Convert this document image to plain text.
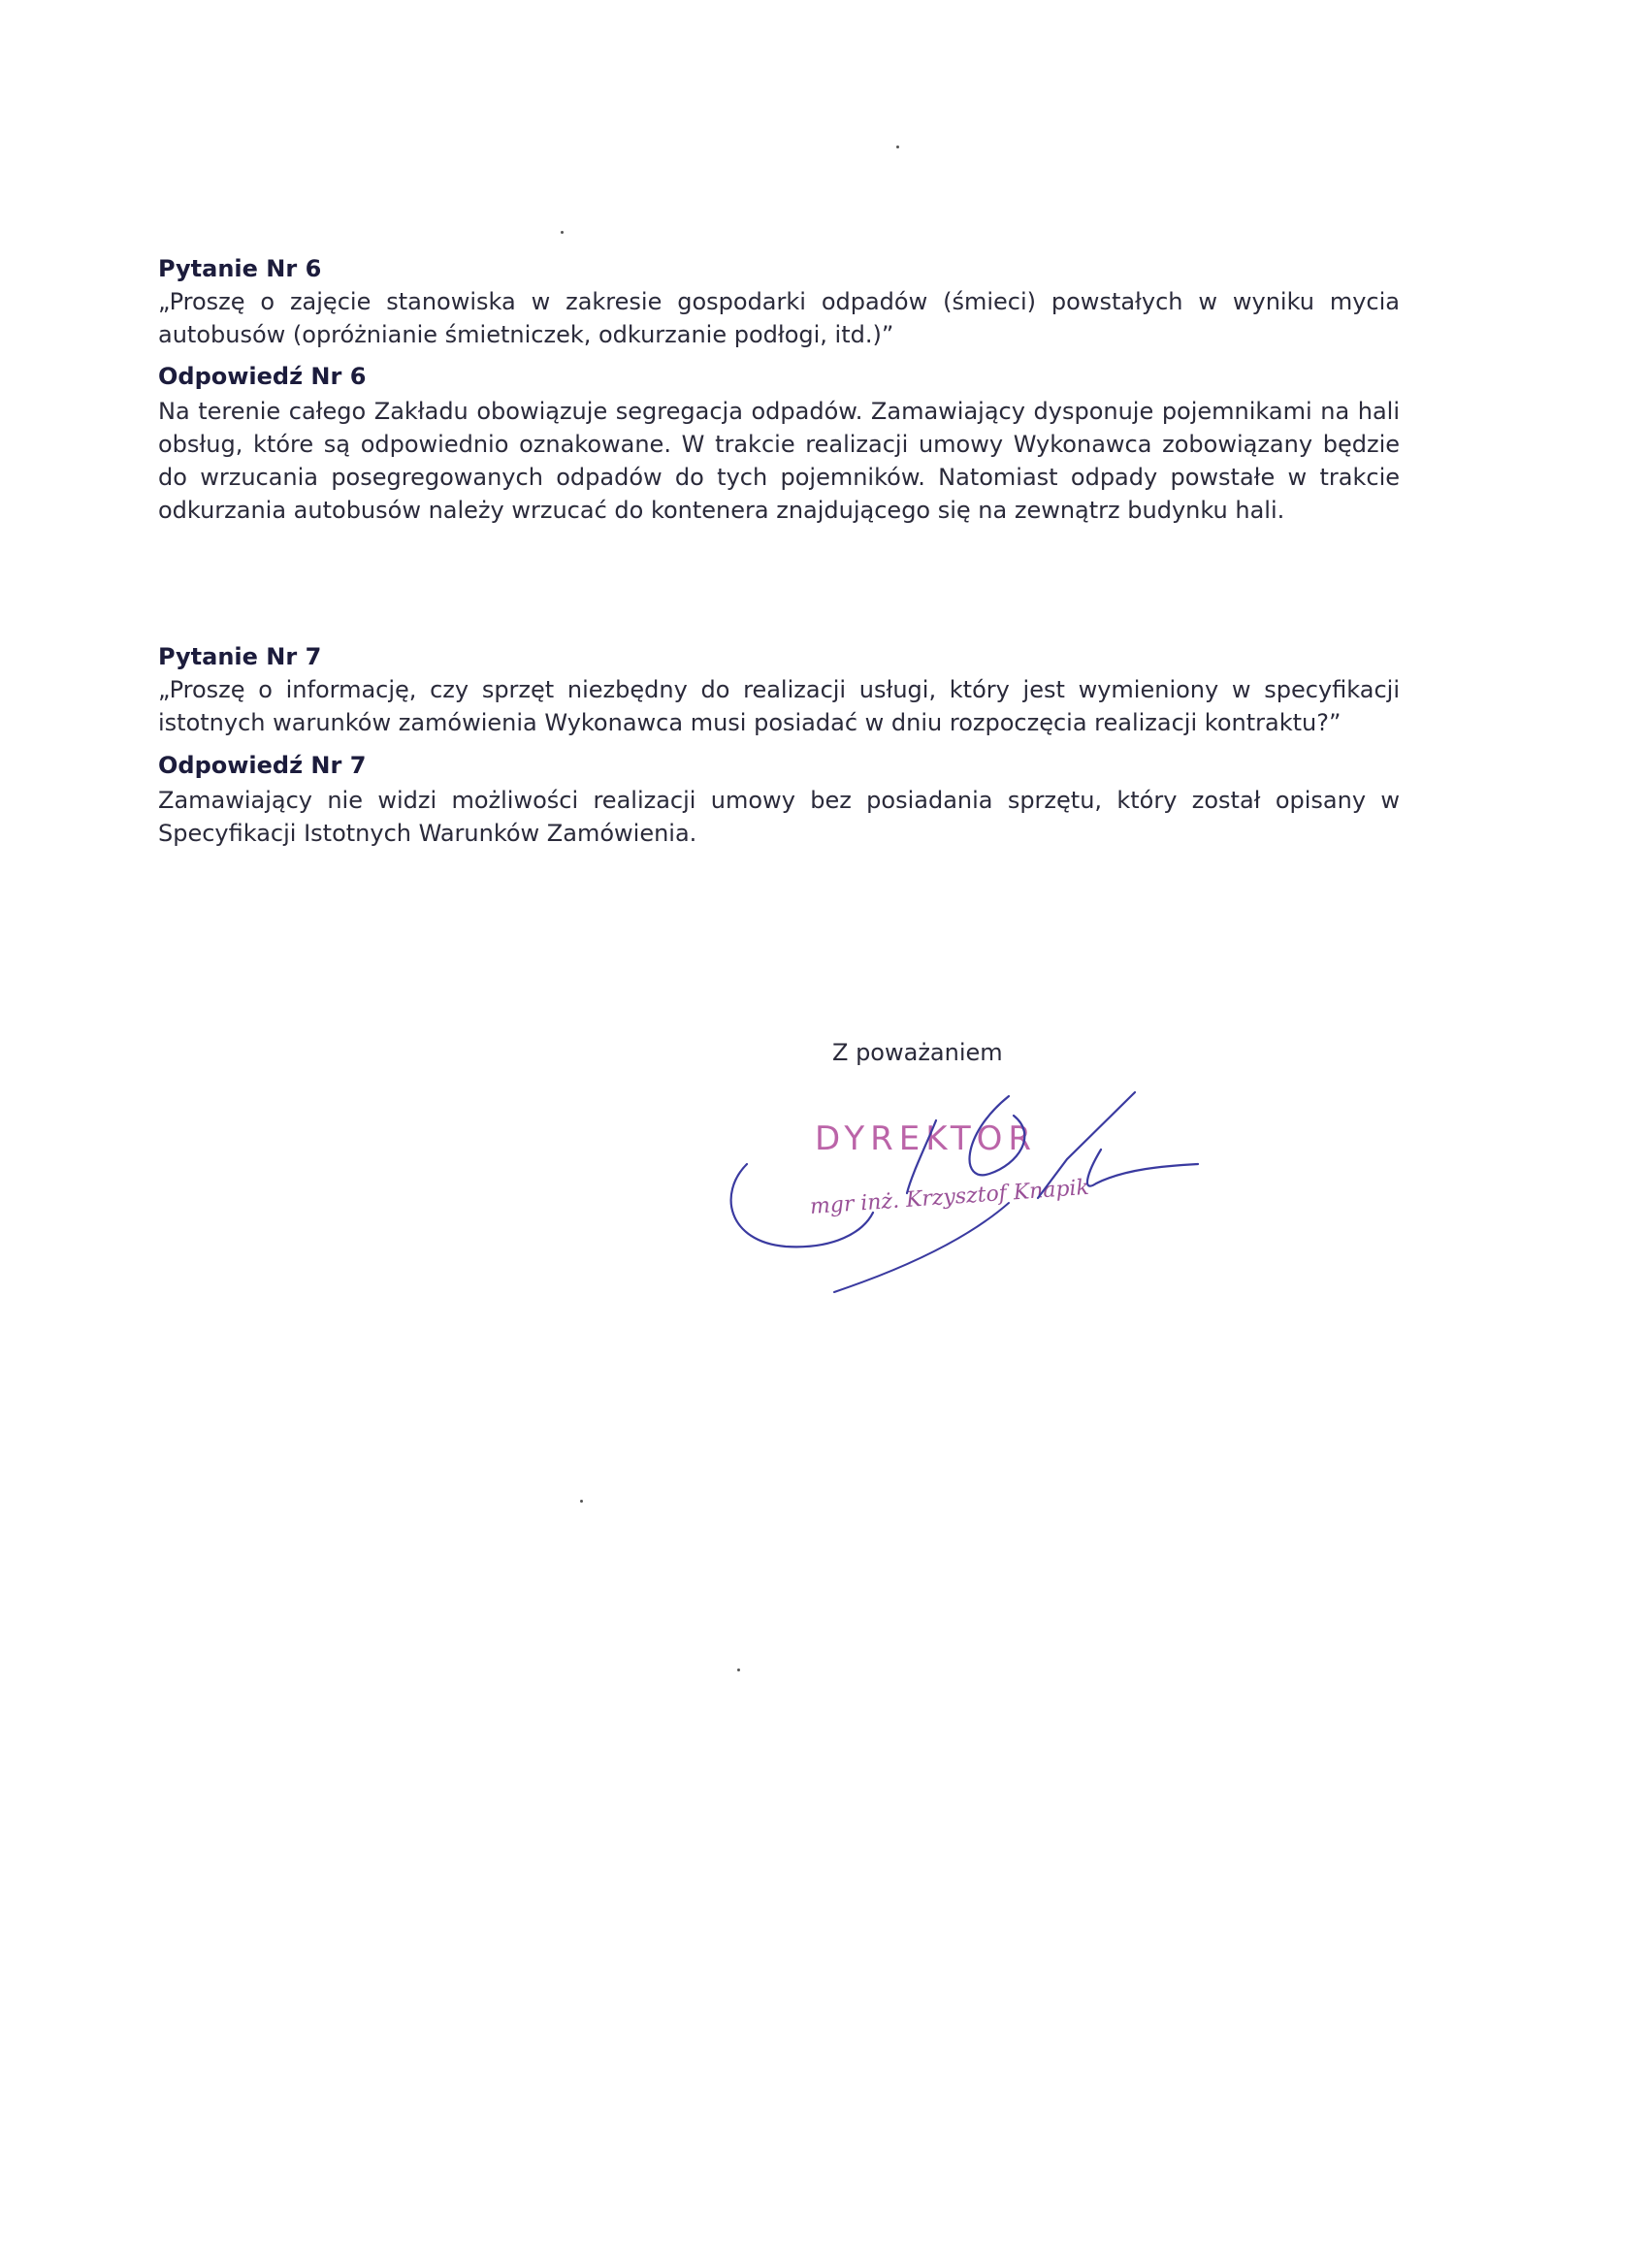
Pytanie Nr 6

„Proszę o zajęcie stanowiska w zakresie gospodarki odpadów (śmieci) powstałych w wyniku mycia autobusów (opróżnianie śmietniczek, odkurzanie podłogi, itd.)”

Odpowiedź Nr 6

Na terenie całego Zakładu obowiązuje segregacja odpadów. Zamawiający dysponuje pojemnikami na hali obsług, które są odpowiednio oznakowane. W trakcie realizacji umowy Wykonawca zobowiązany będzie do wrzucania posegregowanych odpadów do tych pojemników. Natomiast odpady powstałe w trakcie odkurzania autobusów należy wrzucać do kontenera znajdującego się na zewnątrz budynku hali.

Pytanie Nr 7

„Proszę o informację, czy sprzęt niezbędny do realizacji usługi, który jest wymieniony w specyfikacji istotnych warunków zamówienia Wykonawca musi posiadać w dniu rozpoczęcia realizacji kontraktu?”

Odpowiedź Nr 7

Zamawiający nie widzi możliwości realizacji umowy bez posiadania sprzętu, który został opisany w Specyfikacji Istotnych Warunków Zamówienia.

Z poważaniem

DYREKTOR

mgr inż. Krzysztof Knapik
